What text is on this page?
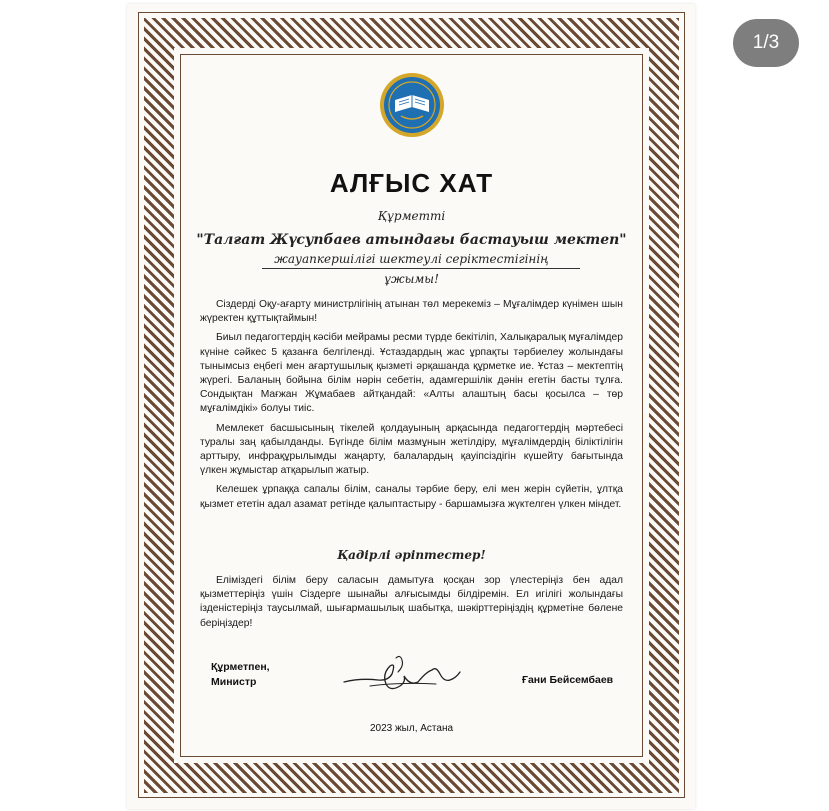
АЛҒЫС ХАТ
Құрметті
"Талғат Жүсупбаев атындағы бастауыш мектеп"
жауапкершілігі шектеулі серіктестігінің
ұжымы!

Сіздерді Оқу-ағарту министрлігінің атынан төл мерекеміз – Мұғалімдер күнімен шын жүректен құттықтаймын!

Биыл педагогтердің кәсіби мейрамы ресми түрде бекітіліп, Халықаралық мұғалімдер күніне сәйкес 5 қазанға белгіленді. Ұстаздардың жас ұрпақты тәрбиелеу жолындағы тынымсыз еңбегі мен ағартушылық қызметі әрқашанда құрметке ие. Ұстаз – мектептің жүрегі. Баланың бойына білім нәрін себетін, адамгершілік дәнін егетін басты тұлға. Сондықтан Мағжан Жұмабаев айтқандай: «Алты алаштың басы қосылса – төр мұғалімдікі» болуы тиіс.

Мемлекет басшысының тікелей қолдауының арқасында педагогтердің мәртебесі туралы заң қабылданды. Бүгінде білім мазмұнын жетілдіру, мұғалімдердің біліктілігін арттыру, инфрақұрылымды жаңарту, балалардың қауіпсіздігін күшейту бағытында үлкен жұмыстар атқарылып жатыр.

Келешек ұрпаққа сапалы білім, саналы тәрбие беру, елі мен жерін сүйетін, ұлтқа қызмет ететін адал азамат ретінде қалыптастыру - баршамызға жүктелген үлкен міндет.

Қадірлі әріптестер!

Еліміздегі білім беру саласын дамытуға қосқан зор үлестеріңіз бен адал қызметтеріңіз үшін Сіздерге шынайы алғысымды білдіремін. Ел игілігі жолындағы ізденістеріңіз таусылмай, шығармашылық шабытқа, шәкірттеріңіздің құрметіне бөлене беріңіздер!

Құрметпен,
Министр	Ғани Бейсембаев
2023 жыл, Астана
1/3
